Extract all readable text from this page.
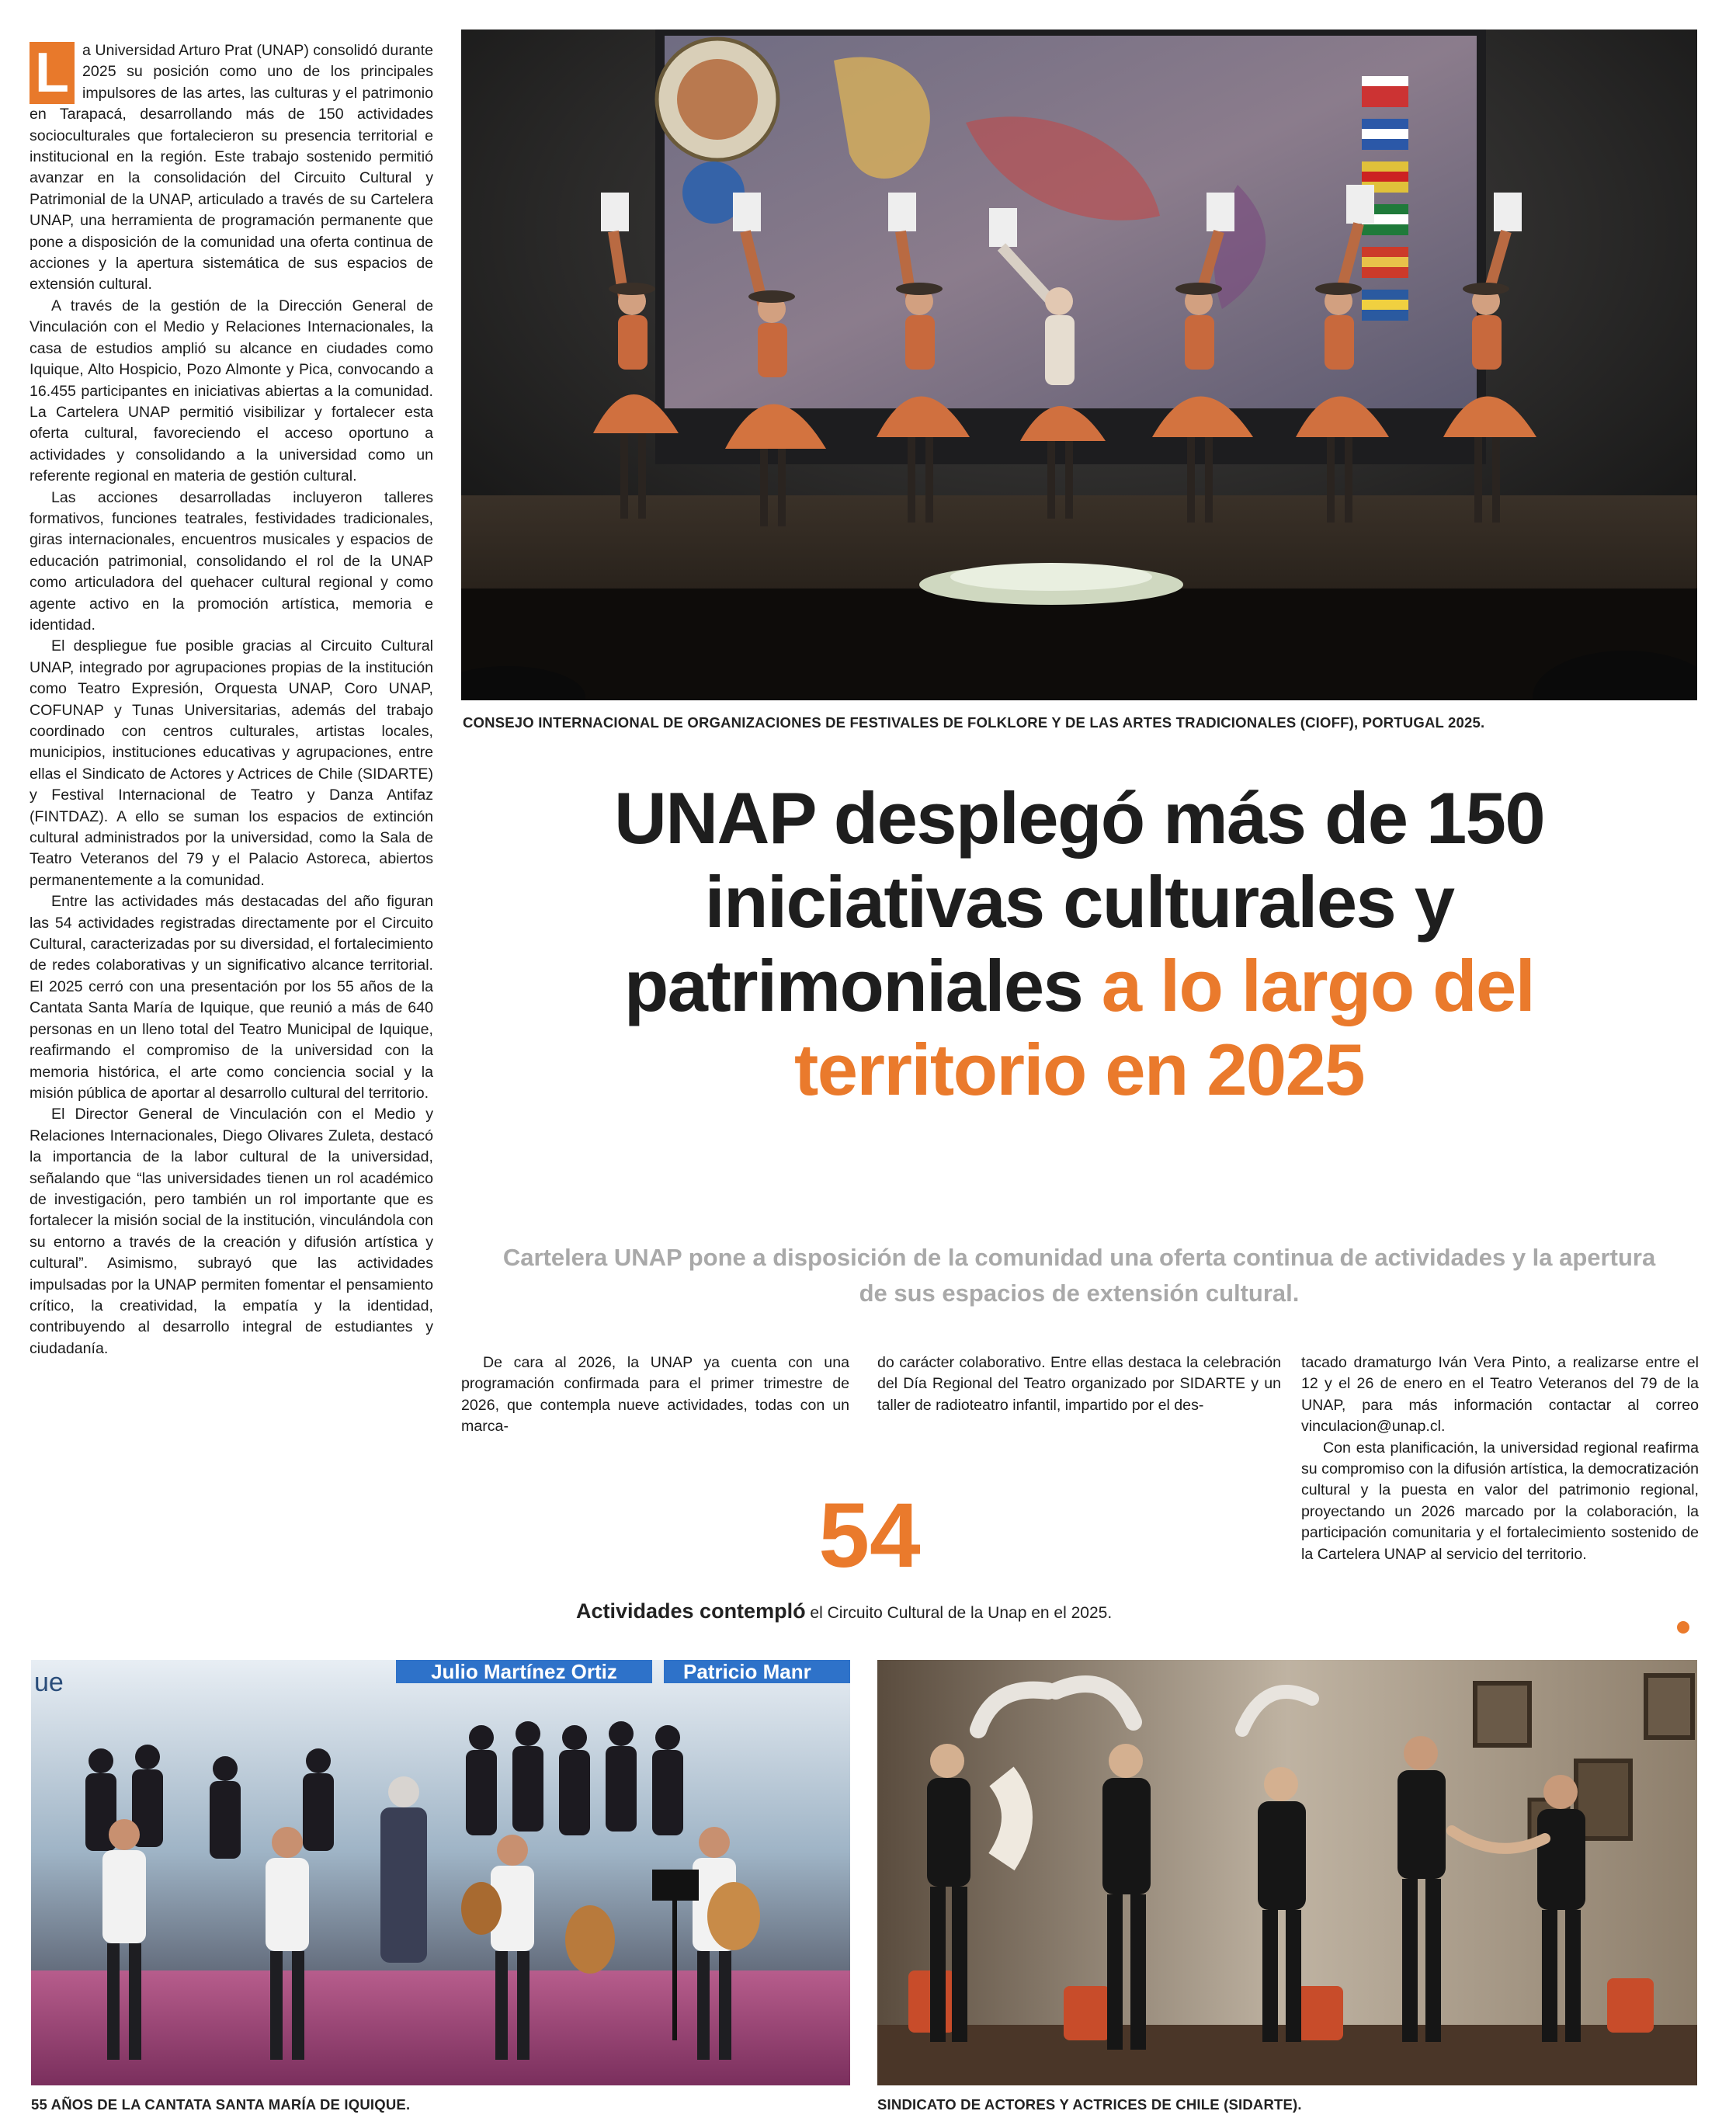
L a Universidad Arturo Prat (UNAP) consolidó durante 2025 su posición como uno de los principales impulsores de las artes, las culturas y el patrimonio en Tarapacá, desarrollando más de 150 actividades socioculturales que fortalecieron su presencia territorial e institucional en la región. Este trabajo sostenido permitió avanzar en la consolidación del Circuito Cultural y Patrimonial de la UNAP, articulado a través de su Cartelera UNAP, una herramienta de programación permanente que pone a disposición de la comunidad una oferta continua de acciones y la apertura sistemática de sus espacios de extensión cultural.

A través de la gestión de la Dirección General de Vinculación con el Medio y Relaciones Internacionales, la casa de estudios amplió su alcance en ciudades como Iquique, Alto Hospicio, Pozo Almonte y Pica, convocando a 16.455 participantes en iniciativas abiertas a la comunidad. La Cartelera UNAP permitió visibilizar y fortalecer esta oferta cultural, favoreciendo el acceso oportuno a actividades y consolidando a la universidad como un referente regional en materia de gestión cultural.

Las acciones desarrolladas incluyeron talleres formativos, funciones teatrales, festividades tradicionales, giras internacionales, encuentros musicales y espacios de educación patrimonial, consolidando el rol de la UNAP como articuladora del quehacer cultural regional y como agente activo en la promoción artística, memoria e identidad.

El despliegue fue posible gracias al Circuito Cultural UNAP, integrado por agrupaciones propias de la institución como Teatro Expresión, Orquesta UNAP, Coro UNAP, COFUNAP y Tunas Universitarias, además del trabajo coordinado con centros culturales, artistas locales, municipios, instituciones educativas y agrupaciones, entre ellas el Sindicato de Actores y Actrices de Chile (SIDARTE) y Festival Internacional de Teatro y Danza Antifaz (FINTDAZ). A ello se suman los espacios de extinción cultural administrados por la universidad, como la Sala de Teatro Veteranos del 79 y el Palacio Astoreca, abiertos permanentemente a la comunidad.

Entre las actividades más destacadas del año figuran las 54 actividades registradas directamente por el Circuito Cultural, caracterizadas por su diversidad, el fortalecimiento de redes colaborativas y un significativo alcance territorial. El 2025 cerró con una presentación por los 55 años de la Cantata Santa María de Iquique, que reunió a más de 640 personas en un lleno total del Teatro Municipal de Iquique, reafirmando el compromiso de la universidad con la memoria histórica, el arte como conciencia social y la misión pública de aportar al desarrollo cultural del territorio.

El Director General de Vinculación con el Medio y Relaciones Internacionales, Diego Olivares Zuleta, destacó la importancia de la labor cultural de la universidad, señalando que “las universidades tienen un rol académico de investigación, pero también un rol importante que es fortalecer la misión social de la institución, vinculándola con su entorno a través de la creación y difusión artística y cultural”. Asimismo, subrayó que las actividades impulsadas por la UNAP permiten fomentar el pensamiento crítico, la creatividad, la empatía y la identidad, contribuyendo al desarrollo integral de estudiantes y ciudadanía.

CONSEJO INTERNACIONAL DE ORGANIZACIONES DE FESTIVALES DE FOLKLORE Y DE LAS ARTES TRADICIONALES (CIOFF), PORTUGAL 2025.
UNAP desplegó más de 150
iniciativas culturales y
patrimoniales a lo largo del
territorio en 2025
Cartelera UNAP pone a disposición de la comunidad una oferta continua de actividades y la apertura de sus espacios de extensión cultural.

De cara al 2026, la UNAP ya cuenta con una programación confirmada para el primer trimestre de 2026, que contempla nueve actividades, todas con un marca-

do carácter colaborativo. Entre ellas destaca la celebración del Día Regional del Teatro organizado por SIDARTE y un taller de radioteatro infantil, impartido por el des-

tacado dramaturgo Iván Vera Pinto, a realizarse entre el 12 y el 26 de enero en el Teatro Veteranos del 79 de la UNAP, para más información contactar al correo vinculacion@unap.cl.

Con esta planificación, la universidad regional reafirma su compromiso con la difusión artística, la democratización cultural y la puesta en valor del patrimonio regional, proyectando un 2026 marcado por la colaboración, la participación comunitaria y el fortalecimiento sostenido de la Cartelera UNAP al servicio del territorio.

54
Actividades contempló el Circuito Cultural de la Unap en el 2025.
Julio Martínez Ortiz	Patricio Manr
ue
55 AÑOS DE LA CANTATA SANTA MARÍA DE IQUIQUE.	SINDICATO DE ACTORES Y ACTRICES DE CHILE (SIDARTE).
